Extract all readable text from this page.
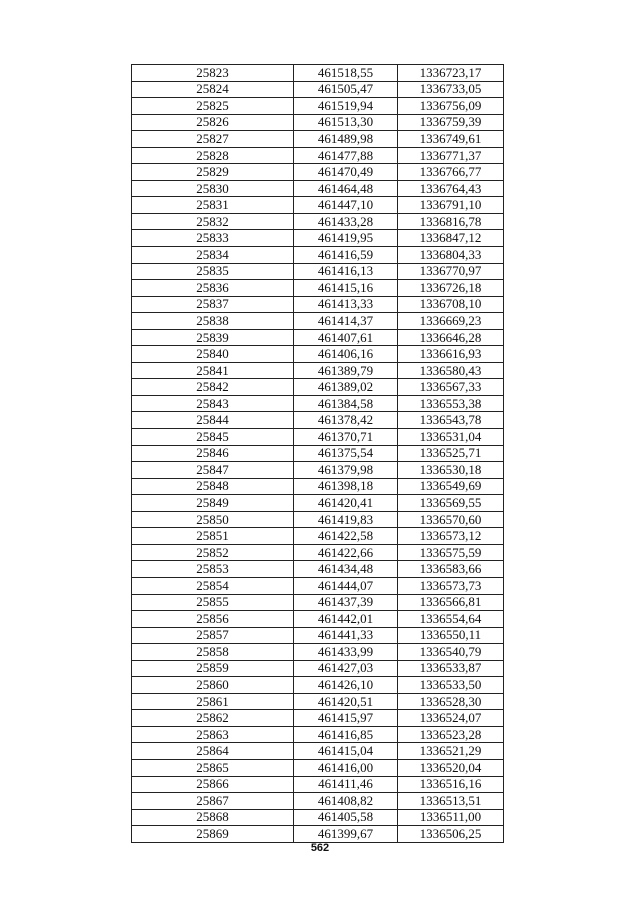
25823	461518,55	1336723,17
25824	461505,47	1336733,05
25825	461519,94	1336756,09
25826	461513,30	1336759,39
25827	461489,98	1336749,61
25828	461477,88	1336771,37
25829	461470,49	1336766,77
25830	461464,48	1336764,43
25831	461447,10	1336791,10
25832	461433,28	1336816,78
25833	461419,95	1336847,12
25834	461416,59	1336804,33
25835	461416,13	1336770,97
25836	461415,16	1336726,18
25837	461413,33	1336708,10
25838	461414,37	1336669,23
25839	461407,61	1336646,28
25840	461406,16	1336616,93
25841	461389,79	1336580,43
25842	461389,02	1336567,33
25843	461384,58	1336553,38
25844	461378,42	1336543,78
25845	461370,71	1336531,04
25846	461375,54	1336525,71
25847	461379,98	1336530,18
25848	461398,18	1336549,69
25849	461420,41	1336569,55
25850	461419,83	1336570,60
25851	461422,58	1336573,12
25852	461422,66	1336575,59
25853	461434,48	1336583,66
25854	461444,07	1336573,73
25855	461437,39	1336566,81
25856	461442,01	1336554,64
25857	461441,33	1336550,11
25858	461433,99	1336540,79
25859	461427,03	1336533,87
25860	461426,10	1336533,50
25861	461420,51	1336528,30
25862	461415,97	1336524,07
25863	461416,85	1336523,28
25864	461415,04	1336521,29
25865	461416,00	1336520,04
25866	461411,46	1336516,16
25867	461408,82	1336513,51
25868	461405,58	1336511,00
25869	461399,67	1336506,25
562
